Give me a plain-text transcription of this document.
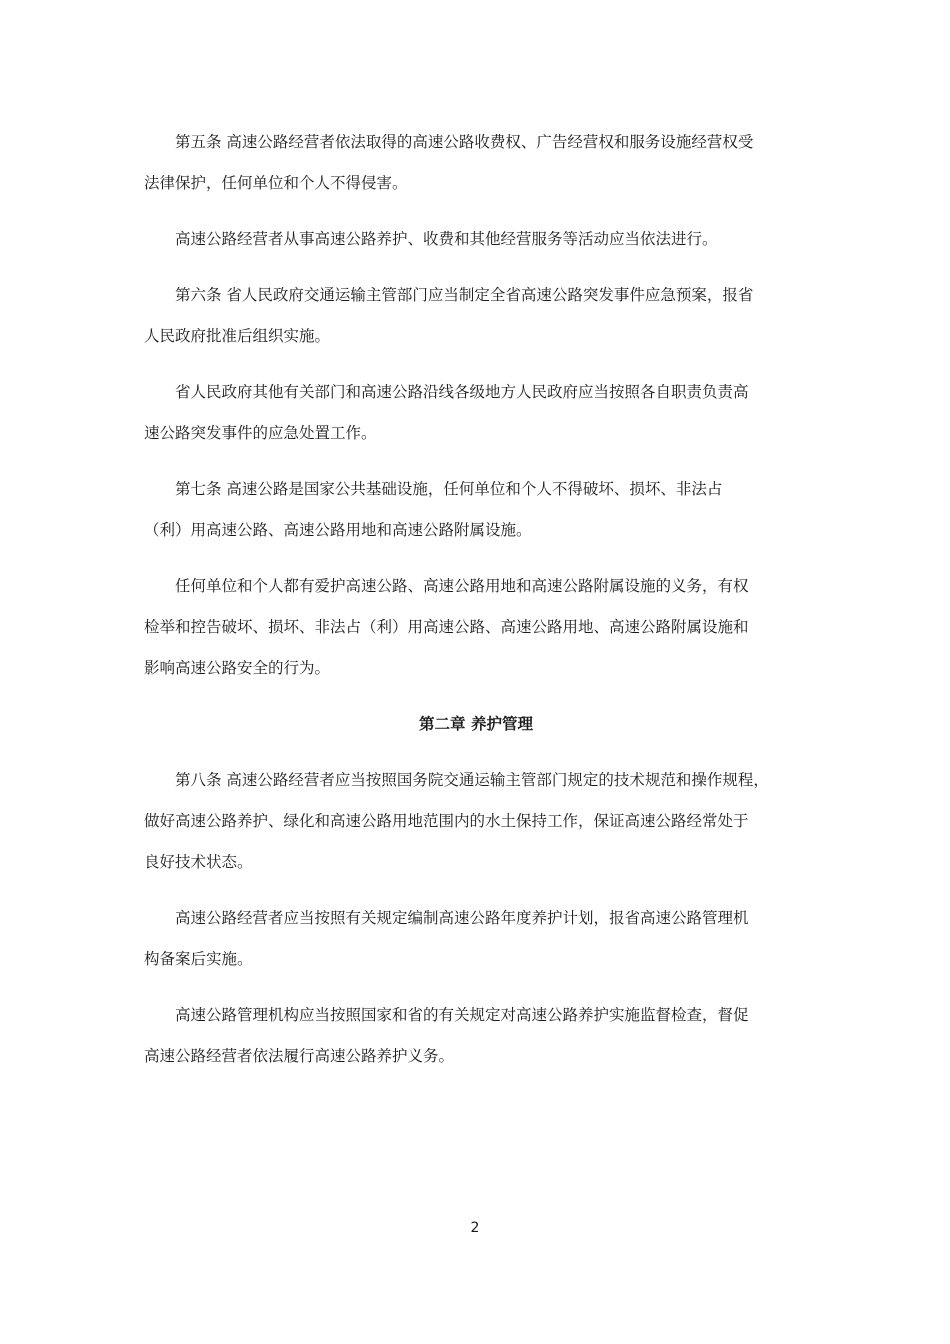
第五条 高速公路经营者依法取得的高速公路收费权、广告经营权和服务设施经营权受
法律保护，任何单位和个人不得侵害。

高速公路经营者从事高速公路养护、收费和其他经营服务等活动应当依法进行。

第六条 省人民政府交通运输主管部门应当制定全省高速公路突发事件应急预案，报省
人民政府批准后组织实施。

省人民政府其他有关部门和高速公路沿线各级地方人民政府应当按照各自职责负责高
速公路突发事件的应急处置工作。

第七条 高速公路是国家公共基础设施，任何单位和个人不得破坏、损坏、非法占
（利）用高速公路、高速公路用地和高速公路附属设施。

任何单位和个人都有爱护高速公路、高速公路用地和高速公路附属设施的义务，有权
检举和控告破坏、损坏、非法占（利）用高速公路、高速公路用地、高速公路附属设施和
影响高速公路安全的行为。

第二章 养护管理

第八条 高速公路经营者应当按照国务院交通运输主管部门规定的技术规范和操作规程，
做好高速公路养护、绿化和高速公路用地范围内的水土保持工作，保证高速公路经常处于
良好技术状态。

高速公路经营者应当按照有关规定编制高速公路年度养护计划，报省高速公路管理机
构备案后实施。

高速公路管理机构应当按照国家和省的有关规定对高速公路养护实施监督检查，督促
高速公路经营者依法履行高速公路养护义务。

2
